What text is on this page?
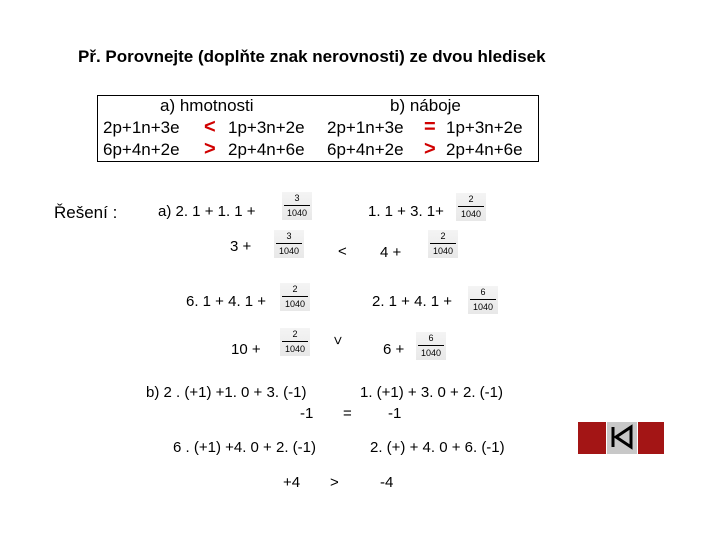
Př. Porovnejte (doplňte znak nerovnosti) ze dvou hledisek
a) hmotnosti	b) náboje
2p+1n+3e < 1p+3n+2e 2p+1n+3e = 1p+3n+2e
6p+4n+2e > 2p+4n+6e 6p+4n+2e > 2p+4n+6e
Řešení :	a) 2. 1 + 1. 1 +
3
1040	1. 1 + 3. 1+
2
1040
3 +
3
1040	< 4 +
2
1040
6. 1 + 4. 1 +
2
1040	2. 1 + 4. 1 +
6
1040
10 +
2
1040
>
6 +
6
1040
b) 2 . (+1) +1. 0 + 3. (-1)	1. (+1) + 3. 0 + 2. (-1)
-1 = -1
6 . (+1) +4. 0 + 2. (-1)	2. (+) + 4. 0 + 6. (-1)
+4 >	-4
